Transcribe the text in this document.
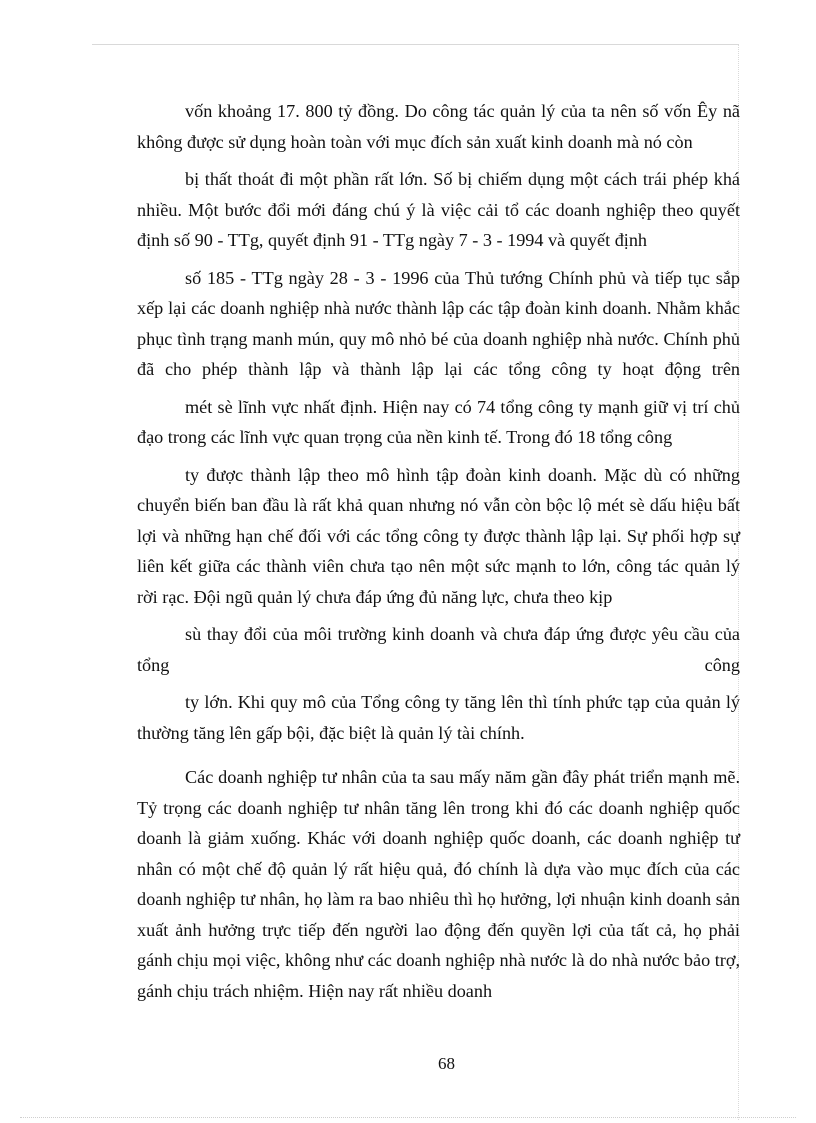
vốn khoảng 17. 800 tỷ đồng. Do công tác quản lý của ta nên số vốn Êy nã không được sử dụng hoàn toàn với mục đích sản xuất kinh doanh mà nó còn

bị thất thoát đi một phần rất lớn. Số bị chiếm dụng một cách trái phép khá nhiều. Một bước đổi mới đáng chú ý là việc cải tổ các doanh nghiệp theo quyết định số 90 - TTg, quyết định 91 - TTg ngày 7 - 3 - 1994 và quyết định

số 185 - TTg ngày 28 - 3 - 1996 của Thủ tướng Chính phủ và tiếp tục sắp xếp lại các doanh nghiệp nhà nước thành lập các tập đoàn kinh doanh. Nhằm khắc phục tình trạng manh mún, quy mô nhỏ bé của doanh nghiệp nhà nước. Chính phủ đã cho phép thành lập và thành lập lại các tổng công ty hoạt động trên

mét sè lĩnh vực nhất định. Hiện nay có 74 tổng công ty mạnh giữ vị trí chủ đạo trong các lĩnh vực quan trọng của nền kinh tế. Trong đó 18 tổng công

ty được thành lập theo mô hình tập đoàn kinh doanh. Mặc dù có những chuyển biến ban đầu là rất khả quan nhưng nó vẫn còn bộc lộ mét sè dấu hiệu bất lợi và những hạn chế đối với các tổng công ty được thành lập lại. Sự phối hợp sự liên kết giữa các thành viên chưa tạo nên một sức mạnh to lớn, công tác quản lý rời rạc. Đội ngũ quản lý chưa đáp ứng đủ năng lực, chưa theo kịp

sù thay đổi của môi trường kinh doanh và chưa đáp ứng được yêu cầu của tổng công

ty lớn. Khi quy mô của Tổng công ty tăng lên thì tính phức tạp của quản lý thường tăng lên gấp bội, đặc biệt là quản lý tài chính.

Các doanh nghiệp tư nhân của ta sau mấy năm gần đây phát triển mạnh mẽ. Tỷ trọng các doanh nghiệp tư nhân tăng lên trong khi đó các doanh nghiệp quốc doanh là giảm xuống. Khác với doanh nghiệp quốc doanh, các doanh nghiệp tư nhân có một chế độ quản lý rất hiệu quả, đó chính là dựa vào mục đích của các doanh nghiệp tư nhân, họ làm ra bao nhiêu thì họ hưởng, lợi nhuận kinh doanh sản xuất ảnh hưởng trực tiếp đến người lao động đến quyền lợi của tất cả, họ phải gánh chịu mọi việc, không như các doanh nghiệp nhà nước là do nhà nước bảo trợ, gánh chịu trách nhiệm. Hiện nay rất nhiều doanh

68
